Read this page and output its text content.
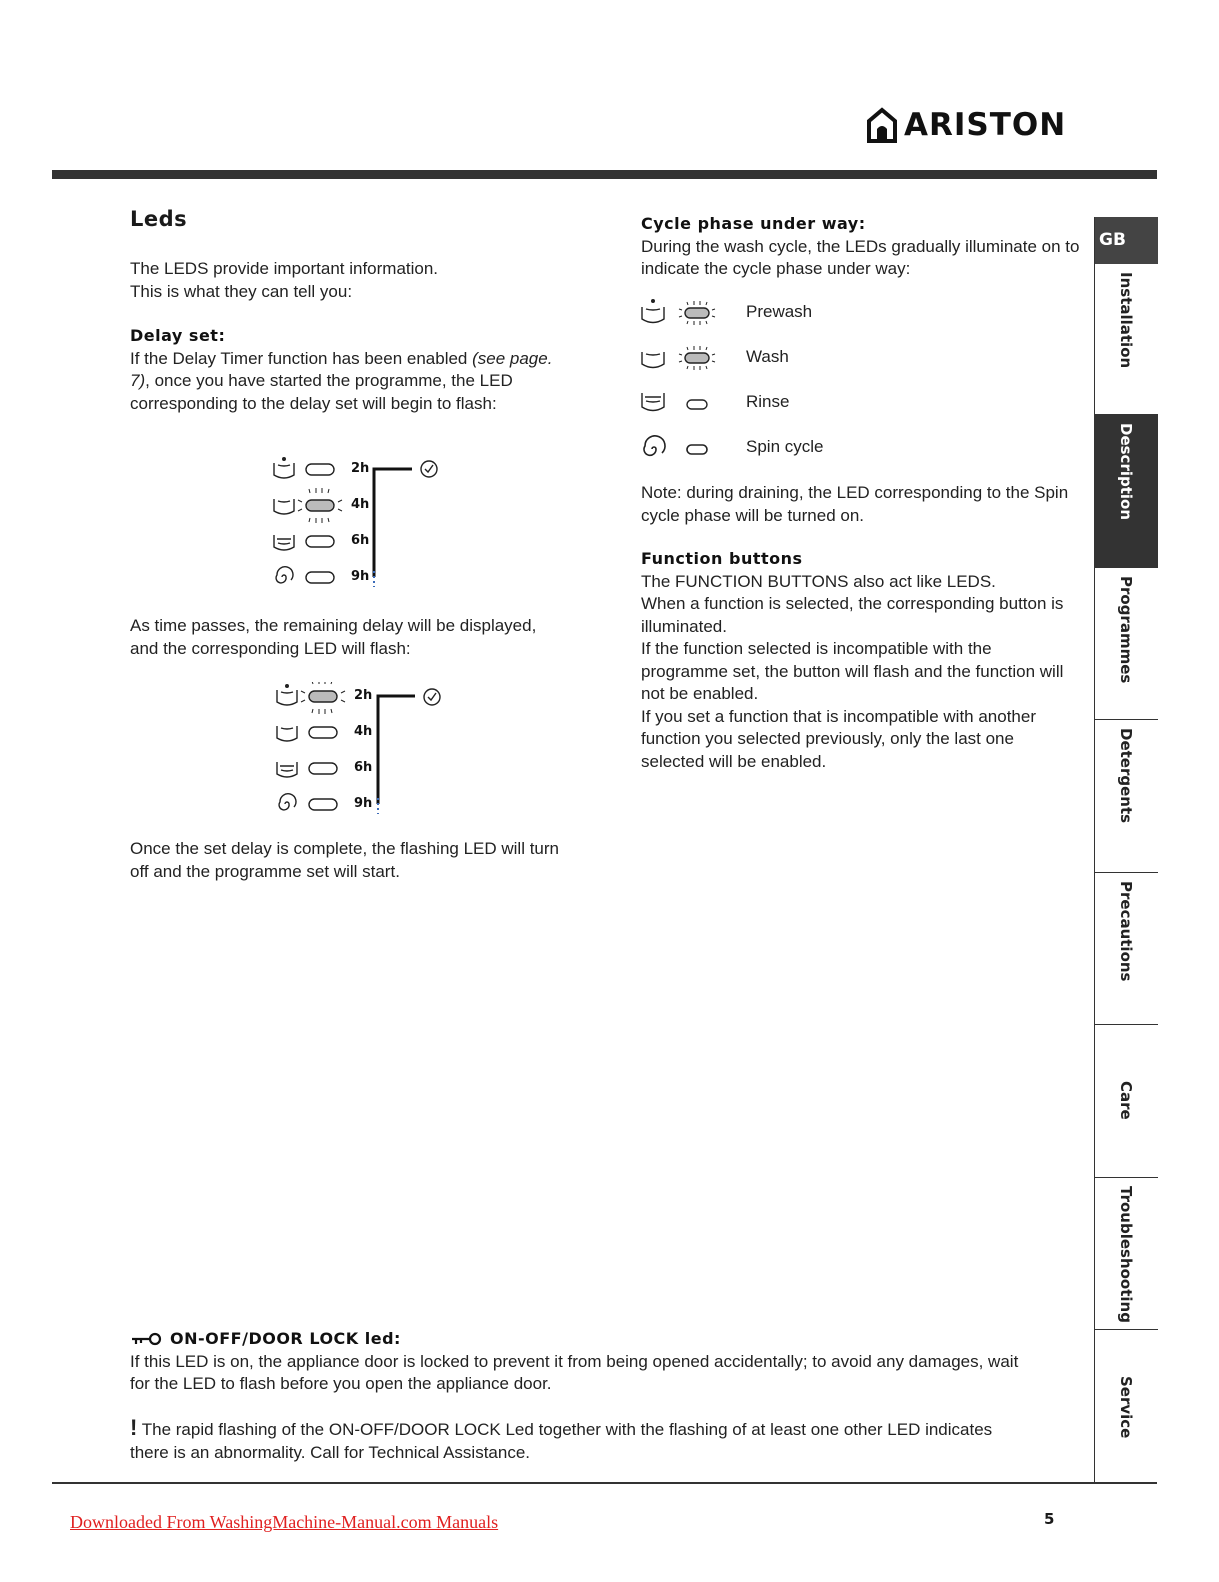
ARISTON
GB
Installation
Description
Programmes
Detergents
Precautions
Care
Troubleshooting
Service
Leds
The LEDS provide important information.
This is what they can tell you:
Delay set:
If the Delay Timer function has been enabled (see page. 7), once you have started the programme, the LED corresponding to the delay set will begin to flash:
2h
4h
6h
9h
As time passes, the remaining delay will be displayed, and the corresponding LED will flash:
2h
4h
6h
9h
Once the set delay is complete, the flashing LED will turn off and the programme set will start.
Cycle phase under way:
During the wash cycle, the LEDs gradually illuminate on to indicate the cycle phase under way:
Prewash
Wash
Rinse
Spin cycle
Note: during draining, the LED corresponding to the Spin cycle phase will be turned on.
Function buttons
The FUNCTION BUTTONS also act like LEDS.
When a function is selected, the corresponding button is illuminated.
If the function selected is incompatible with the programme set, the button will flash and the function will not be enabled.
If you set a function that is incompatible with another function you selected previously, only the last one selected will be enabled.
ON-OFF/DOOR LOCK led:
If this LED is on, the appliance door is locked to prevent it from being opened accidentally; to avoid any damages, wait for the LED to flash before you open the appliance door.
! The rapid flashing of the ON-OFF/DOOR LOCK Led together with the flashing of at least one other LED indicates there is an abnormality. Call for Technical Assistance.
Downloaded From WashingMachine-Manual.com Manuals	5
